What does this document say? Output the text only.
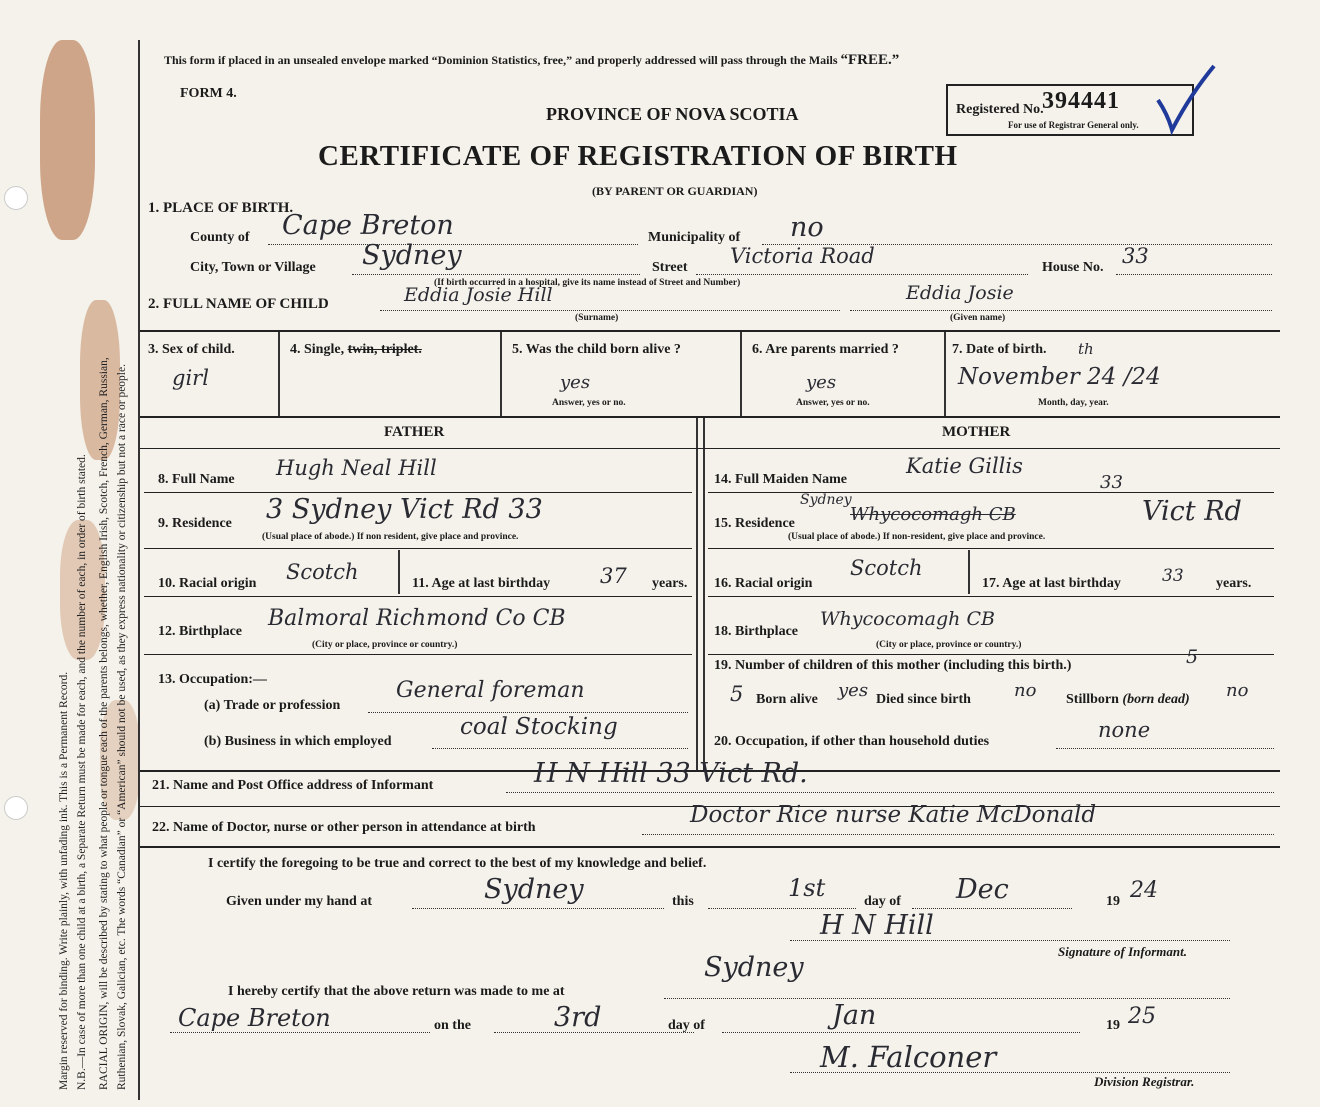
Margin reserved for binding. Write plainly, with unfading ink. This is a Permanent Record. N.B.—In case of more than one child at a birth, a Separate Return must be made for each, and the number of each, in order of birth stated. RACIAL ORIGIN, will be described by stating to what people or tongue each of the parents belongs, whether, English Irish, Scotch, French, German, Russian, Ruthenian, Slovak, Galician, etc. The words “Canadian” or “American” should not be used, as they express nationality or citizenship but not a race or people.
This form if placed in an unsealed envelope marked “Dominion Statistics, free,” and properly addressed will pass through the Mails “FREE.”
FORM 4.
PROVINCE OF NOVA SCOTIA
CERTIFICATE OF REGISTRATION OF BIRTH
(BY PARENT OR GUARDIAN)
Registered No.
394441
For use of Registrar General only.
1. PLACE OF BIRTH.
County of Cape Breton	Municipality of no
City, Town or Village Sydney	Street Victoria Road	House No. 33
(If birth occurred in a hospital, give its name instead of Street and Number)
2. FULL NAME OF CHILD	Eddia Josie Hill
(Surname)
Eddia Josie
(Given name)
3. Sex of child.
girl
4. Single, twin, triplet.	5. Was the child born alive ?
yes
Answer, yes or no.
6. Are parents married ?
yes
Answer, yes or no.
7. Date of birth. th
November 24 /24
Month, day, year.
FATHER	MOTHER
8. Full Name Hugh Neal Hill
9. Residence 3 Sydney Vict Rd 33
(Usual place of abode.) If non resident, give place and province.
10. Racial origin Scotch	11. Age at last birthday 37 years.
12. Birthplace
Balmoral Richmond Co CB
(City or place, province or country.)
13. Occupation:—
(a) Trade or profession
General foreman
(b) Business in which employed
coal Stocking
14. Full Maiden Name
Katie Gillis
15. Residence
Sydney
Whycocomagh CB
33
Vict Rd
(Usual place of abode.) If non-resident, give place and province.
16. Racial origin
Scotch
17. Age at last birthday 33 years.
18. Birthplace
Whycocomagh CB
(City or place, province or country.)
19. Number of children of this mother (including this birth.)	5
5 Born alive yes Died since birth no Stillborn (born dead) no
20. Occupation, if other than household duties	none
21. Name and Post Office address of Informant	H N Hill 33 Vict Rd.
22. Name of Doctor, nurse or other person in attendance at birth	Doctor Rice nurse Katie McDonald
I certify the foregoing to be true and correct to the best of my knowledge and belief.
Given under my hand at	Sydney	this	1st	day of Dec	19 24
H N Hill
Signature of Informant.
I hereby certify that the above return was made to me at
Sydney
Cape Breton	on the	3rd	day of	Jan	19 25
M. Falconer
Division Registrar.
